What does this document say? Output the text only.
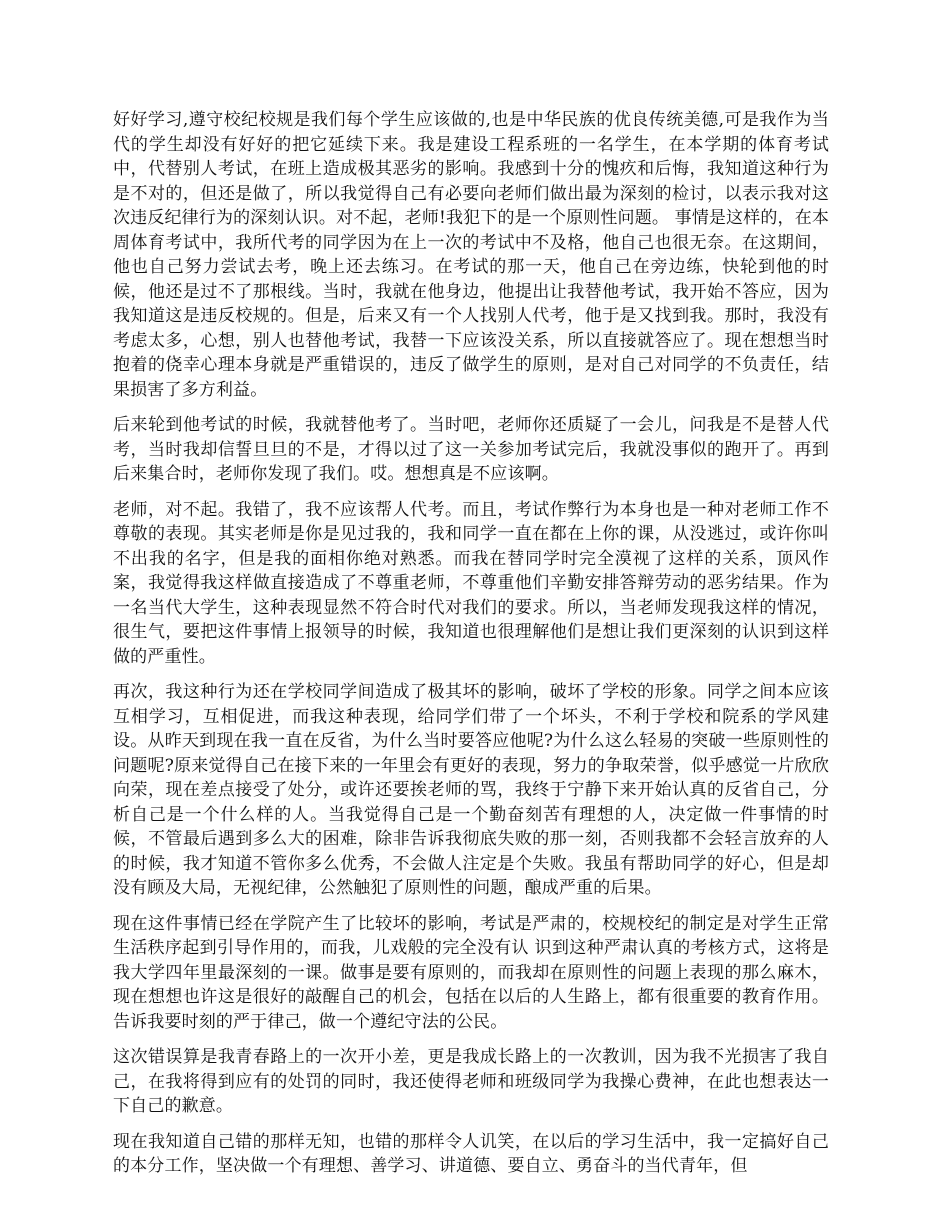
好好学习,遵守校纪校规是我们每个学生应该做的,也是中华民族的优良传统美德,可是我作为当代的学生却没有好好的把它延续下来。我是建设工程系班的一名学生，在本学期的体育考试中，代替别人考试，在班上造成极其恶劣的影响。我感到十分的愧疚和后悔，我知道这种行为是不对的，但还是做了，所以我觉得自己有必要向老师们做出最为深刻的检讨，以表示我对这次违反纪律行为的深刻认识。对不起，老师!我犯下的是一个原则性问题。 事情是这样的，在本周体育考试中，我所代考的同学因为在上一次的考试中不及格，他自己也很无奈。在这期间，他也自己努力尝试去考，晚上还去练习。在考试的那一天，他自己在旁边练，快轮到他的时候，他还是过不了那根线。当时，我就在他身边，他提出让我替他考试，我开始不答应，因为我知道这是违反校规的。但是，后来又有一个人找别人代考，他于是又找到我。那时，我没有考虑太多，心想，别人也替他考试，我替一下应该没关系，所以直接就答应了。现在想想当时抱着的侥幸心理本身就是严重错误的，违反了做学生的原则，是对自己对同学的不负责任，结果损害了多方利益。

后来轮到他考试的时候，我就替他考了。当时吧，老师你还质疑了一会儿，问我是不是替人代考，当时我却信誓旦旦的不是，才得以过了这一关参加考试完后，我就没事似的跑开了。再到后来集合时，老师你发现了我们。哎。想想真是不应该啊。

老师，对不起。我错了，我不应该帮人代考。而且，考试作弊行为本身也是一种对老师工作不尊敬的表现。其实老师是你是见过我的，我和同学一直在都在上你的课，从没逃过，或许你叫不出我的名字，但是我的面相你绝对熟悉。而我在替同学时完全漠视了这样的关系，顶风作案，我觉得我这样做直接造成了不尊重老师，不尊重他们辛勤安排答辩劳动的恶劣结果。作为一名当代大学生，这种表现显然不符合时代对我们的要求。所以，当老师发现我这样的情况，很生气，要把这件事情上报领导的时候，我知道也很理解他们是想让我们更深刻的认识到这样做的严重性。

再次，我这种行为还在学校同学间造成了极其坏的影响，破坏了学校的形象。同学之间本应该互相学习，互相促进，而我这种表现，给同学们带了一个坏头，不利于学校和院系的学风建设。从昨天到现在我一直在反省，为什么当时要答应他呢?为什么这么轻易的突破一些原则性的问题呢?原来觉得自己在接下来的一年里会有更好的表现，努力的争取荣誉，似乎感觉一片欣欣向荣，现在差点接受了处分，或许还要挨老师的骂，我终于宁静下来开始认真的反省自己，分析自己是一个什么样的人。当我觉得自己是一个勤奋刻苦有理想的人，决定做一件事情的时候，不管最后遇到多么大的困难，除非告诉我彻底失败的那一刻，否则我都不会轻言放弃的人的时候，我才知道不管你多么优秀，不会做人注定是个失败。我虽有帮助同学的好心，但是却没有顾及大局，无视纪律，公然触犯了原则性的问题，酿成严重的后果。

现在这件事情已经在学院产生了比较坏的影响，考试是严肃的，校规校纪的制定是对学生正常生活秩序起到引导作用的，而我，儿戏般的完全没有认 识到这种严肃认真的考核方式，这将是我大学四年里最深刻的一课。做事是要有原则的，而我却在原则性的问题上表现的那么麻木，现在想想也许这是很好的敲醒自己的机会，包括在以后的人生路上，都有很重要的教育作用。告诉我要时刻的严于律己，做一个遵纪守法的公民。

这次错误算是我青春路上的一次开小差，更是我成长路上的一次教训，因为我不光损害了我自己，在我将得到应有的处罚的同时，我还使得老师和班级同学为我操心费神，在此也想表达一下自己的歉意。

现在我知道自己错的那样无知，也错的那样令人讥笑，在以后的学习生活中，我一定搞好自己的本分工作，坚决做一个有理想、善学习、讲道德、要自立、勇奋斗的当代青年，但
